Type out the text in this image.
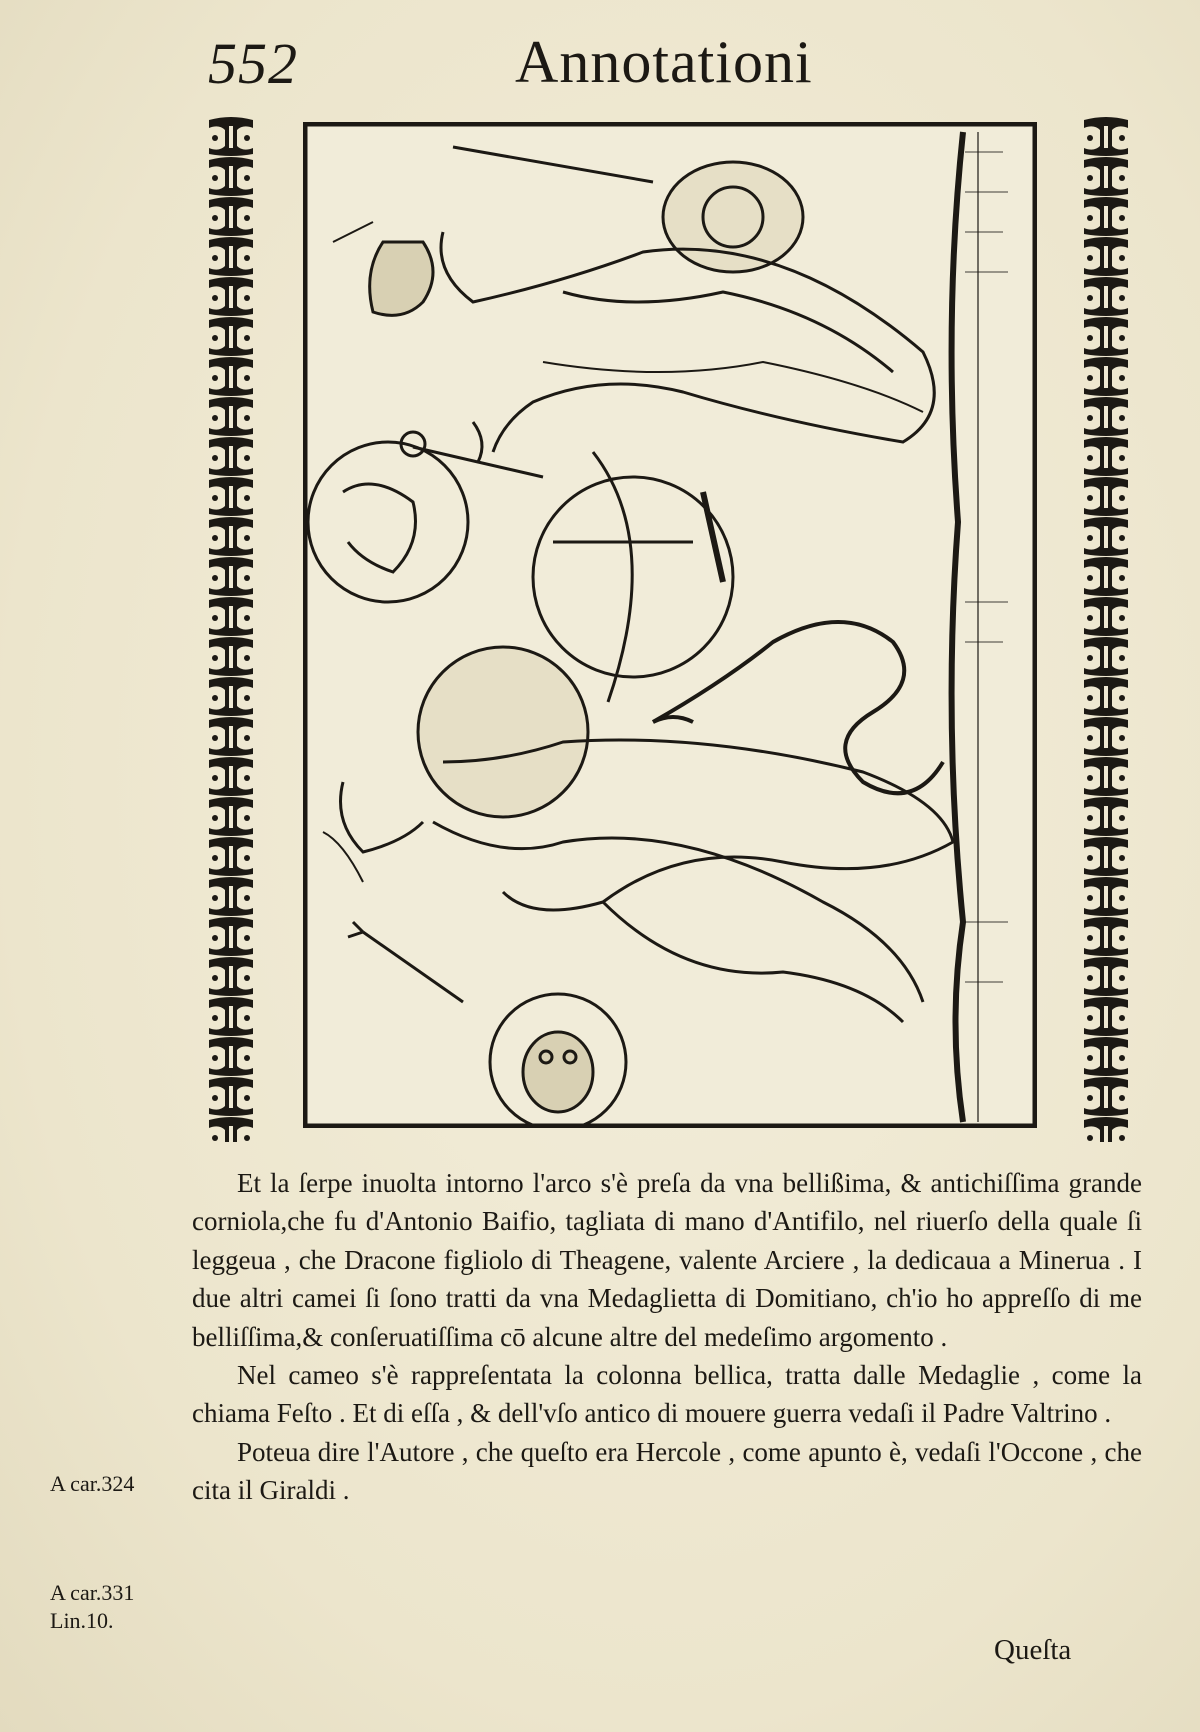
552	Annotationi

Et la ſerpe inuolta intorno l'arco s'è preſa da vna bellißima, & antichiſſima grande corniola,che fu d'Antonio Baifio, tagliata di mano d'Antifilo, nel riuerſo della quale ſi leggeua , che Dracone figliolo di Theagene, valente Arciere , la dedicaua a Minerua . I due altri camei ſi ſono tratti da vna Medaglietta di Domitiano, ch'io ho appreſſo di me belliſſima,& conſeruatiſſima cō alcune altre del medeſimo argomento .

Nel cameo s'è rappreſentata la colonna bellica, tratta dalle Medaglie , come la chiama Feſto . Et di eſſa , & dell'vſo antico di mouere guerra vedaſi il Padre Valtrino .

Poteua dire l'Autore , che queſto era Hercole , come apunto è, vedaſi l'Occone , che cita il Giraldi .

A car.324
A car.331
Lin.10.
Queſta
